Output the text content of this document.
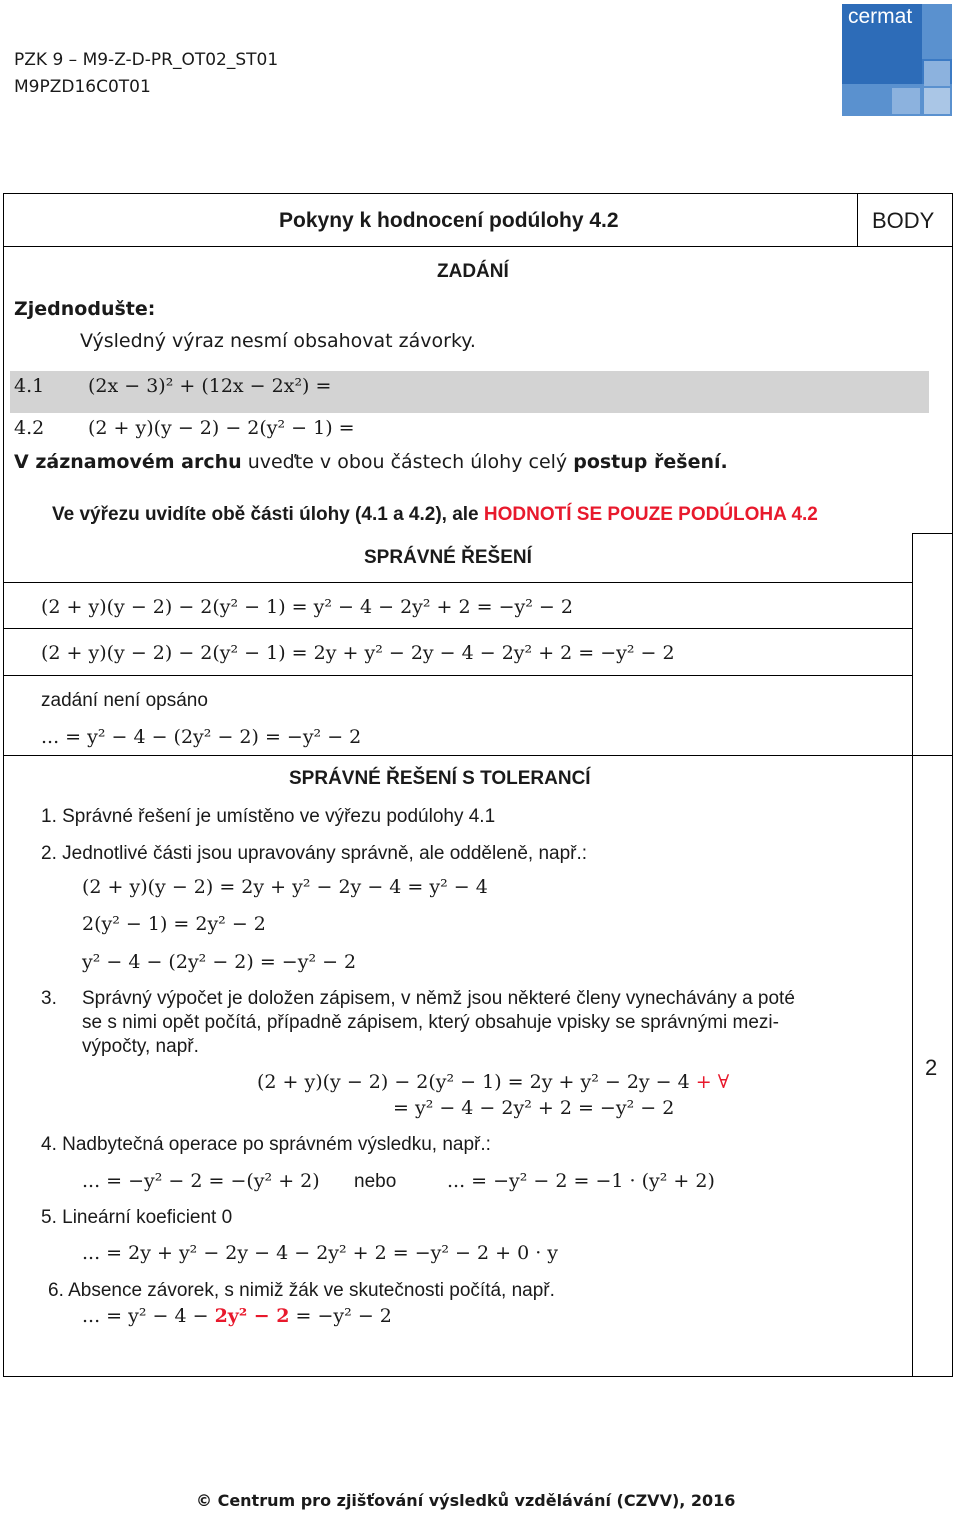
PZK 9 – M9-Z-D-PR_OT02_ST01
M9PZD16C0T01
cermat
Pokyny k hodnocení podúlohy 4.2	BODY
ZADÁNÍ
Zjednodušte:
Výsledný výraz nesmí obsahovat závorky.
4.1 (2x − 3)² + (12x − 2x²) =
4.2 (2 + y)(y − 2) − 2(y² − 1) =
V záznamovém archu uveďte v obou částech úlohy celý postup řešení.
Ve výřezu uvidíte obě části úlohy (4.1 a 4.2), ale HODNOTÍ SE POUZE PODÚLOHA 4.2
SPRÁVNÉ ŘEŠENÍ
(2 + y)(y − 2) − 2(y² − 1) = y² − 4 − 2y² + 2 = −y² − 2
(2 + y)(y − 2) − 2(y² − 1) = 2y + y² − 2y − 4 − 2y² + 2 = −y² − 2
zadání není opsáno
... = y² − 4 − (2y² − 2) = −y² − 2
SPRÁVNÉ ŘEŠENÍ S TOLERANCÍ
1. Správné řešení je umístěno ve výřezu podúlohy 4.1
2. Jednotlivé části jsou upravovány správně, ale odděleně, např.:
(2 + y)(y − 2) = 2y + y² − 2y − 4 = y² − 4
2(y² − 1) = 2y² − 2
y² − 4 − (2y² − 2) = −y² − 2
3. Správný výpočet je doložen zápisem, v němž jsou některé členy vynechávány a poté
se s nimi opět počítá, případně zápisem, který obsahuje vpisky se správnými mezi-
výpočty, např.
(2 + y)(y − 2) − 2(y² − 1) = 2y + y² − 2y − 4 + ∀
= y² − 4 − 2y² + 2 = −y² − 2
4. Nadbytečná operace po správném výsledku, např.:
... = −y² − 2 = −(y² + 2) nebo	... = −y² − 2 = −1 · (y² + 2)
5. Lineární koeficient 0
... = 2y + y² − 2y − 4 − 2y² + 2 = −y² − 2 + 0 · y
6. Absence závorek, s nimiž žák ve skutečnosti počítá, např.
... = y² − 4 − 2y² − 2 = −y² − 2
2
© Centrum pro zjišťování výsledků vzdělávání (CZVV), 2016
